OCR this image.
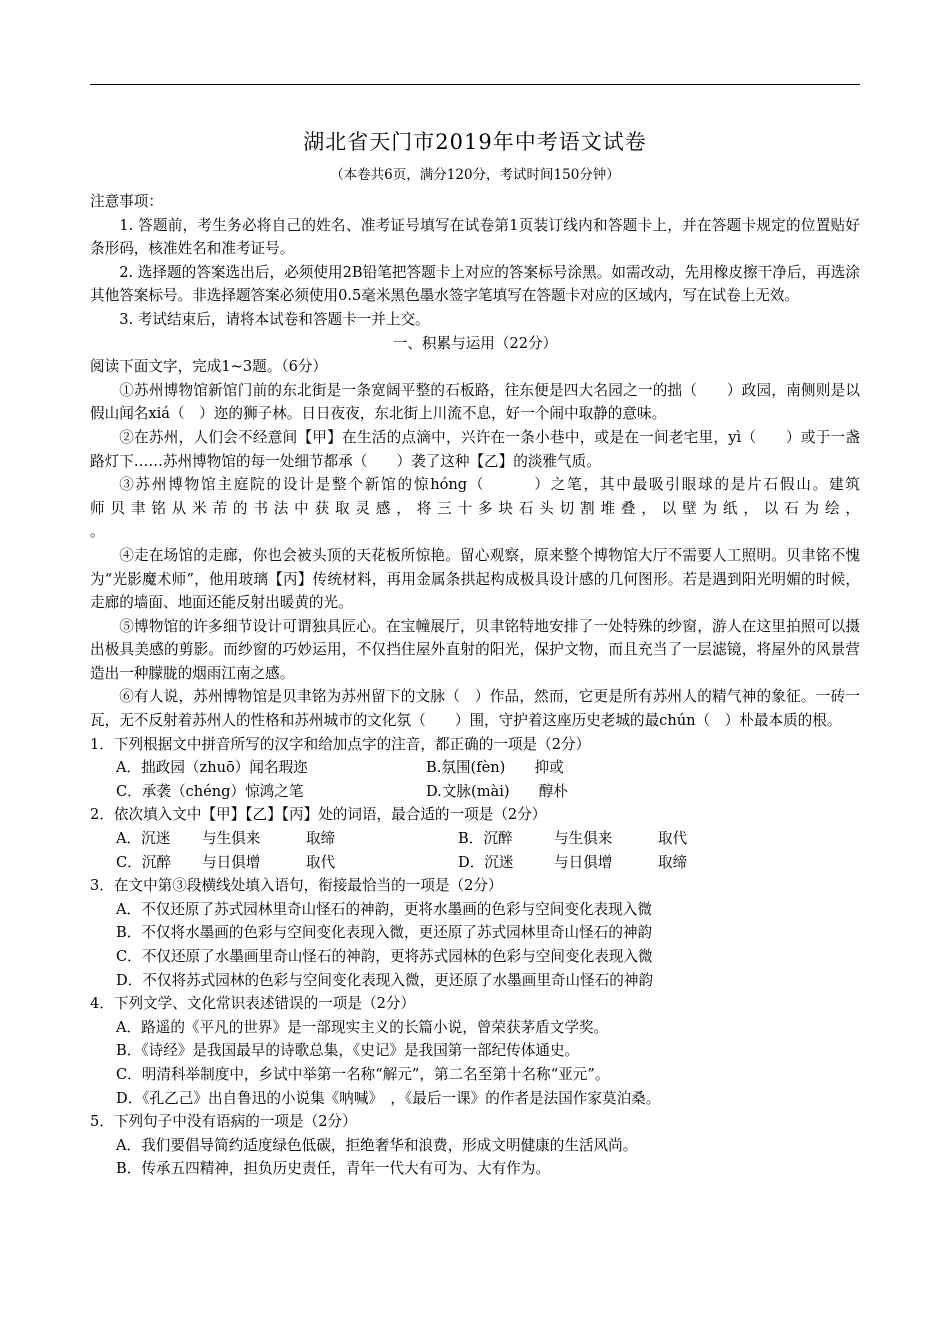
湖北省天门市2019年中考语文试卷
（本卷共6页，满分120分，考试时间150分钟）

注意事项：

1. 答题前，考生务必将自己的姓名、准考证号填写在试卷第1页装订线内和答题卡上，并在答题卡规定的位置贴好条形码，核准姓名和准考证号。

2. 选择题的答案选出后，必须使用2B铅笔把答题卡上对应的答案标号涂黑。如需改动，先用橡皮擦干净后，再选涂其他答案标号。非选择题答案必须使用0.5毫米黑色墨水签字笔填写在答题卡对应的区域内，写在试卷上无效。

3. 考试结束后，请将本试卷和答题卡一并上交。

一、积累与运用（22分）

阅读下面文字，完成1~3题。（6分）

①苏州博物馆新馆门前的东北街是一条宽阔平整的石板路，往东便是四大名园之一的拙（　　）政园，南侧则是以假山闻名xiá（　）迩的狮子林。日日夜夜，东北街上川流不息，好一个闹中取静的意味。

②在苏州，人们会不经意间【甲】在生活的点滴中，兴许在一条小巷中，或是在一间老宅里，yì（　　）或于一盏路灯下……苏州博物馆的每一处细节都承（　　）袭了这种【乙】的淡雅气质。

③苏州博物馆主庭院的设计是整个新馆的惊hóng（　　　）之笔，其中最吸引眼球的是片石假山。建筑

师贝聿铭从米芾的书法中获取灵感，将三十多块石头切割堆叠，以壁为纸，以石为绘，

。

④走在场馆的走廊，你也会被头顶的天花板所惊艳。留心观察，原来整个博物馆大厅不需要人工照明。贝聿铭不愧为“光影魔术师”，他用玻璃【丙】传统材料，再用金属条拱起构成极具设计感的几何图形。若是遇到阳光明媚的时候，走廊的墙面、地面还能反射出暖黄的光。

⑤博物馆的许多细节设计可谓独具匠心。在宝幢展厅，贝聿铭特地安排了一处特殊的纱窗，游人在这里拍照可以摄出极具美感的剪影。而纱窗的巧妙运用，不仅挡住屋外直射的阳光，保护文物，而且充当了一层滤镜，将屋外的风景营造出一种朦胧的烟雨江南之感。

⑥有人说，苏州博物馆是贝聿铭为苏州留下的文脉（　）作品，然而，它更是所有苏州人的精气神的象征。一砖一瓦，无不反射着苏州人的性格和苏州城市的文化氛（　　）围，守护着这座历史老城的最chún（　）朴最本质的根。

1．下列根据文中拼音所写的汉字和给加点字的注音，都正确的一项是（2分）

A．拙政园（zhuō）闻名瑕迩	B.氛围(fèn)　　抑或

C．承袭（chéng）惊鸿之笔	D.文脉(mài)　　醇朴

2．依次填入文中【甲】【乙】【丙】处的词语，最合适的一项是（2分）

A．沉迷 与生俱来	取缔	B．沉醉	与生俱来	取代

C．沉醉 与日俱增	取代	D．沉迷	与日俱增	取缔

3．在文中第③段横线处填入语句，衔接最恰当的一项是（2分）

A．不仅还原了苏式园林里奇山怪石的神韵，更将水墨画的色彩与空间变化表现入微

B．不仅将水墨画的色彩与空间变化表现入微，更还原了苏式园林里奇山怪石的神韵

C．不仅还原了水墨画里奇山怪石的神韵，更将苏式园林的色彩与空间变化表现入微

D．不仅将苏式园林的色彩与空间变化表现入微，更还原了水墨画里奇山怪石的神韵

4．下列文学、文化常识表述错误的一项是（2分）

A．路遥的《平凡的世界》是一部现实主义的长篇小说，曾荣获茅盾文学奖。

B．《诗经》是我国最早的诗歌总集，《史记》是我国第一部纪传体通史。

C．明清科举制度中，乡试中举第一名称“解元”，第二名至第十名称“亚元”。

D．《孔乙己》出自鲁迅的小说集《呐喊》　，《最后一课》的作者是法国作家莫泊桑。

5．下列句子中没有语病的一项是（2分）

A．我们要倡导简约适度绿色低碳，拒绝奢华和浪费，形成文明健康的生活风尚。

B．传承五四精神，担负历史责任，青年一代大有可为、大有作为。
